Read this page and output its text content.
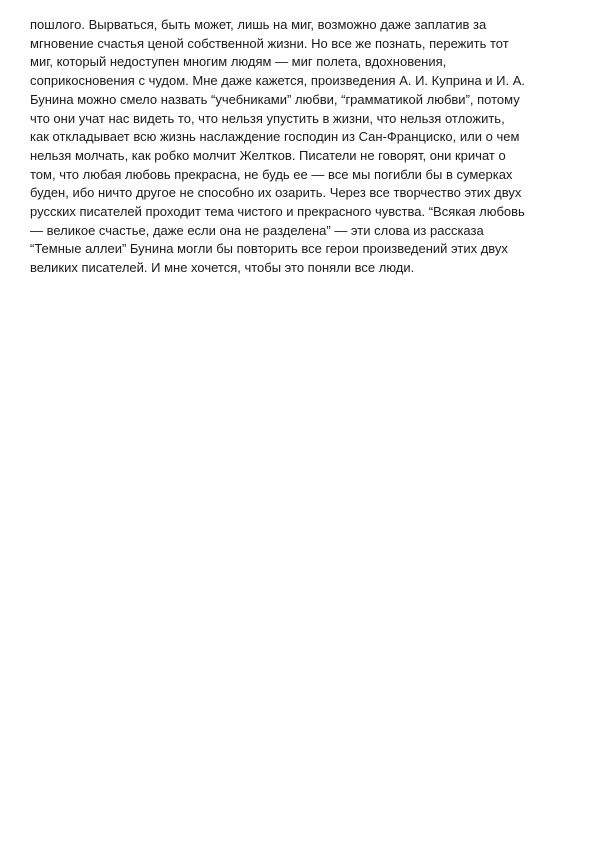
пошлого. Вырваться, быть может, лишь на миг, возможно даже заплатив за
мгновение счастья ценой собственной жизни. Но все же познать, пережить тот
миг, который недоступен многим людям — миг полета, вдохновения,
соприкосновения с чудом. Мне даже кажется, произведения А. И. Куприна и И. А.
Бунина можно смело назвать “учебниками” любви, “грамматикой любви”, потому
что они учат нас видеть то, что нельзя упустить в жизни, что нельзя отложить,
как откладывает всю жизнь наслаждение господин из Сан-Франциско, или о чем
нельзя молчать, как робко молчит Желтков. Писатели не говорят, они кричат о
том, что любая любовь прекрасна, не будь ее — все мы погибли бы в сумерках
буден, ибо ничто другое не способно их озарить. Через все творчество этих двух
русских писателей проходит тема чистого и прекрасного чувства. “Всякая любовь
— великое счастье, даже если она не разделена” — эти слова из рассказа
“Темные аллеи” Бунина могли бы повторить все герои произведений этих двух
великих писателей. И мне хочется, чтобы это поняли все люди.
